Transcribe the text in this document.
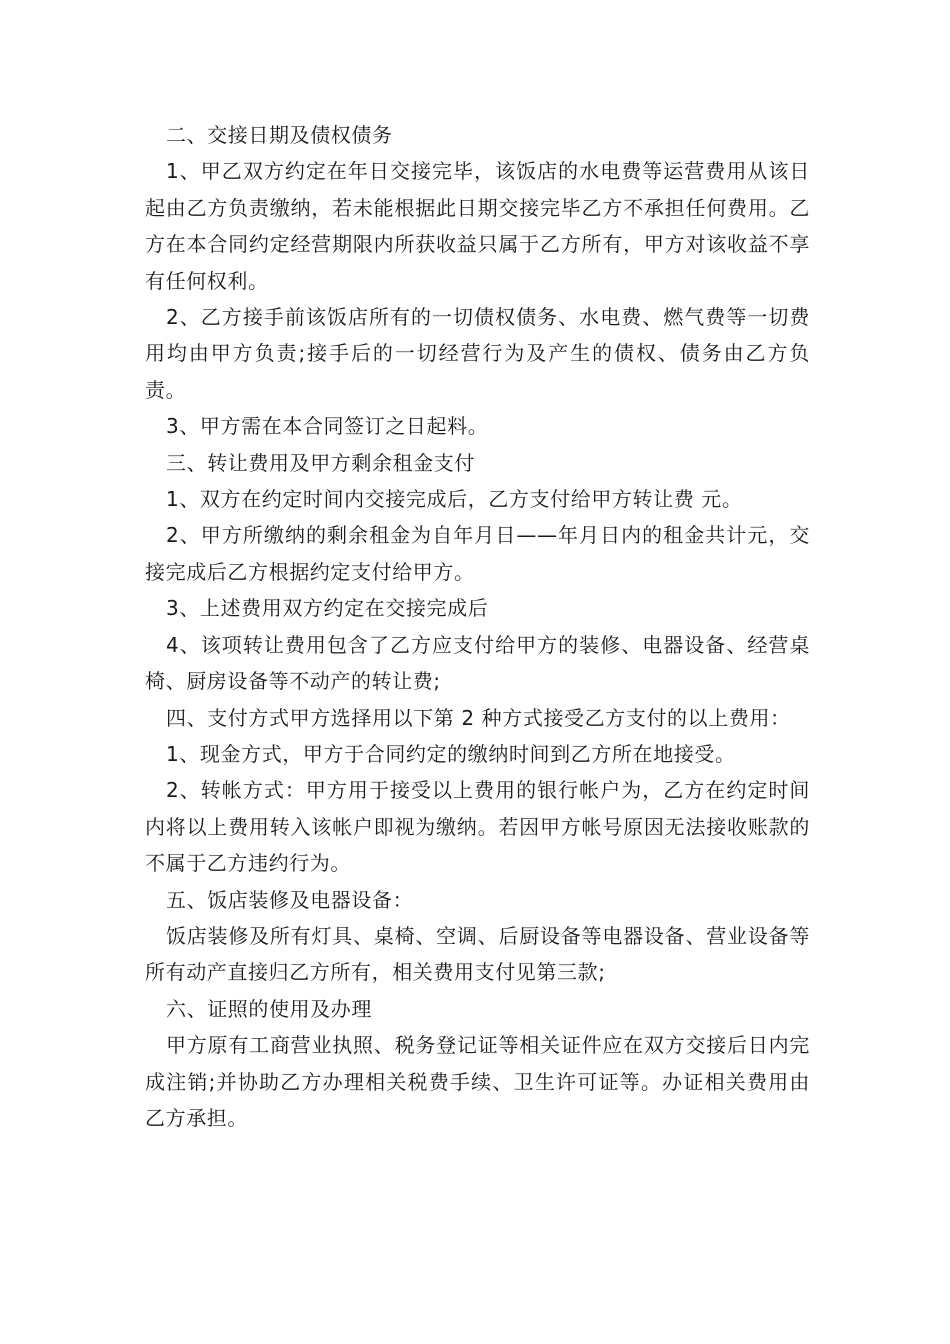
二、交接日期及债权债务

1、甲乙双方约定在年日交接完毕，该饭店的水电费等运营费用从该日起由乙方负责缴纳，若未能根据此日期交接完毕乙方不承担任何费用。乙方在本合同约定经营期限内所获收益只属于乙方所有，甲方对该收益不享有任何权利。

2、乙方接手前该饭店所有的一切债权债务、水电费、燃气费等一切费用均由甲方负责;接手后的一切经营行为及产生的债权、债务由乙方负责。

3、甲方需在本合同签订之日起料。

三、转让费用及甲方剩余租金支付

1、双方在约定时间内交接完成后，乙方支付给甲方转让费 元。

2、甲方所缴纳的剩余租金为自年月日——年月日内的租金共计元，交接完成后乙方根据约定支付给甲方。

3、上述费用双方约定在交接完成后

4、该项转让费用包含了乙方应支付给甲方的装修、电器设备、经营桌椅、厨房设备等不动产的转让费;

四、支付方式甲方选择用以下第 2 种方式接受乙方支付的以上费用：

1、现金方式，甲方于合同约定的缴纳时间到乙方所在地接受。

2、转帐方式：甲方用于接受以上费用的银行帐户为，乙方在约定时间内将以上费用转入该帐户即视为缴纳。若因甲方帐号原因无法接收账款的不属于乙方违约行为。

五、饭店装修及电器设备：

饭店装修及所有灯具、桌椅、空调、后厨设备等电器设备、营业设备等所有动产直接归乙方所有，相关费用支付见第三款;

六、证照的使用及办理

甲方原有工商营业执照、税务登记证等相关证件应在双方交接后日内完成注销;并协助乙方办理相关税费手续、卫生许可证等。办证相关费用由乙方承担。
